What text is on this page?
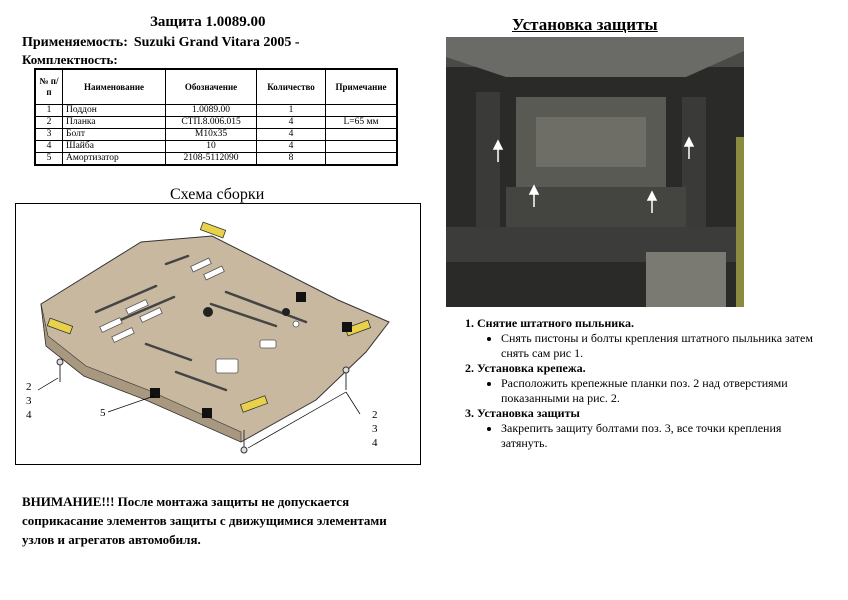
Защита 1.0089.00
Применяемость: Suzuki Grand Vitara 2005 -
Комплектность:
№ п/п	Наименование	Обозначение	Количество	Примечание
1	Поддон	1.0089.00	1	
2	Планка	СТП.8.006.015	4	L=65 мм
3	Болт	М10х35	4	
4	Шайба	10	4	
5	Амортизатор	2108-5112090	8	
Схема сборки
2
3
4	5	2
3
4
Установка защиты
1. Снятие штатного пыльника.
• Снять пистоны и болты крепления штатного пыльника затем снять сам рис 1.
2. Установка крепежа.
• Расположить крепежные планки поз. 2 над отверстиями показанными на рис. 2.
3. Установка защиты
• Закрепить защиту болтами поз. 3, все точки крепления затянуть.
ВНИМАНИЕ!!! После монтажа защиты не допускается соприкасание элементов защиты с движущимися элементами узлов и агрегатов автомобиля.
